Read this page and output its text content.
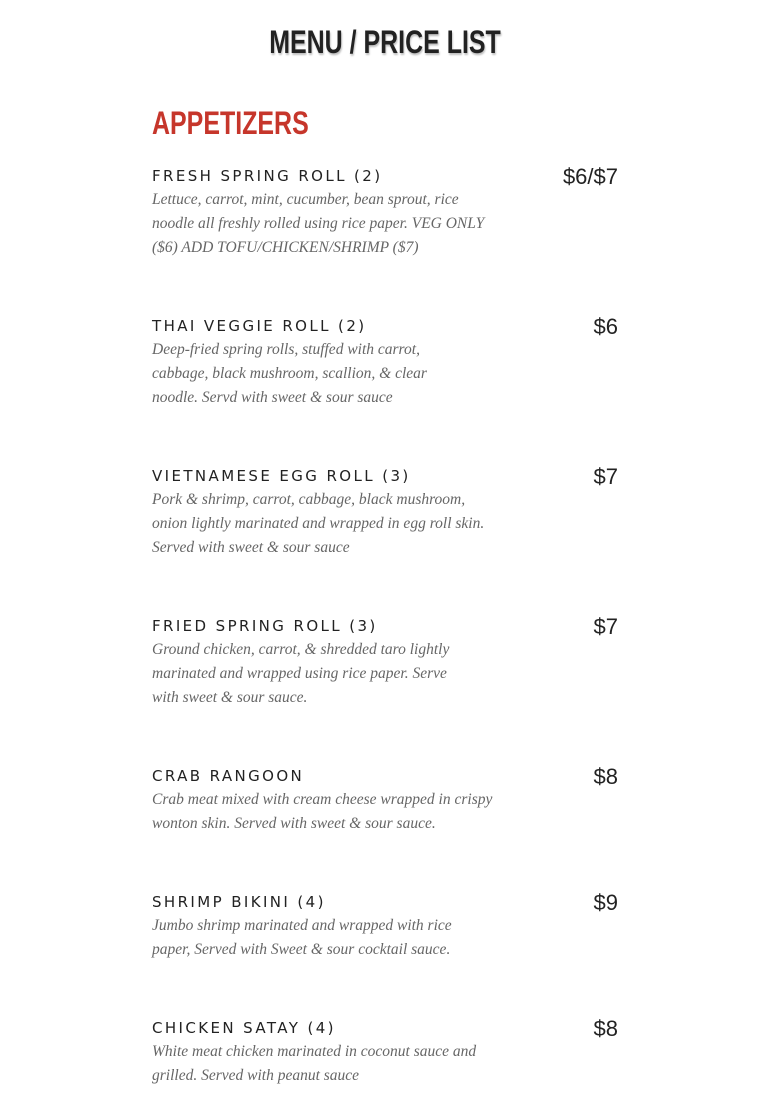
MENU / PRICE LIST
APPETIZERS
FRESH SPRING ROLL (2)	$6/$7
Lettuce, carrot, mint, cucumber, bean sprout, rice noodle all freshly rolled using rice paper. VEG ONLY ($6) ADD TOFU/CHICKEN/SHRIMP ($7)
THAI VEGGIE ROLL (2)	$6
Deep-fried spring rolls, stuffed with carrot, cabbage, black mushroom, scallion, & clear noodle. Servd with sweet & sour sauce
VIETNAMESE EGG ROLL (3)	$7
Pork & shrimp, carrot, cabbage, black mushroom, onion lightly marinated and wrapped in egg roll skin. Served with sweet & sour sauce
FRIED SPRING ROLL (3)	$7
Ground chicken, carrot, & shredded taro lightly marinated and wrapped using rice paper. Serve with sweet & sour sauce.
CRAB RANGOON	$8
Crab meat mixed with cream cheese wrapped in crispy wonton skin. Served with sweet & sour sauce.
SHRIMP BIKINI (4)	$9
Jumbo shrimp marinated and wrapped with rice paper, Served with Sweet & sour cocktail sauce.
CHICKEN SATAY (4)	$8
White meat chicken marinated in coconut sauce and grilled. Served with peanut sauce
